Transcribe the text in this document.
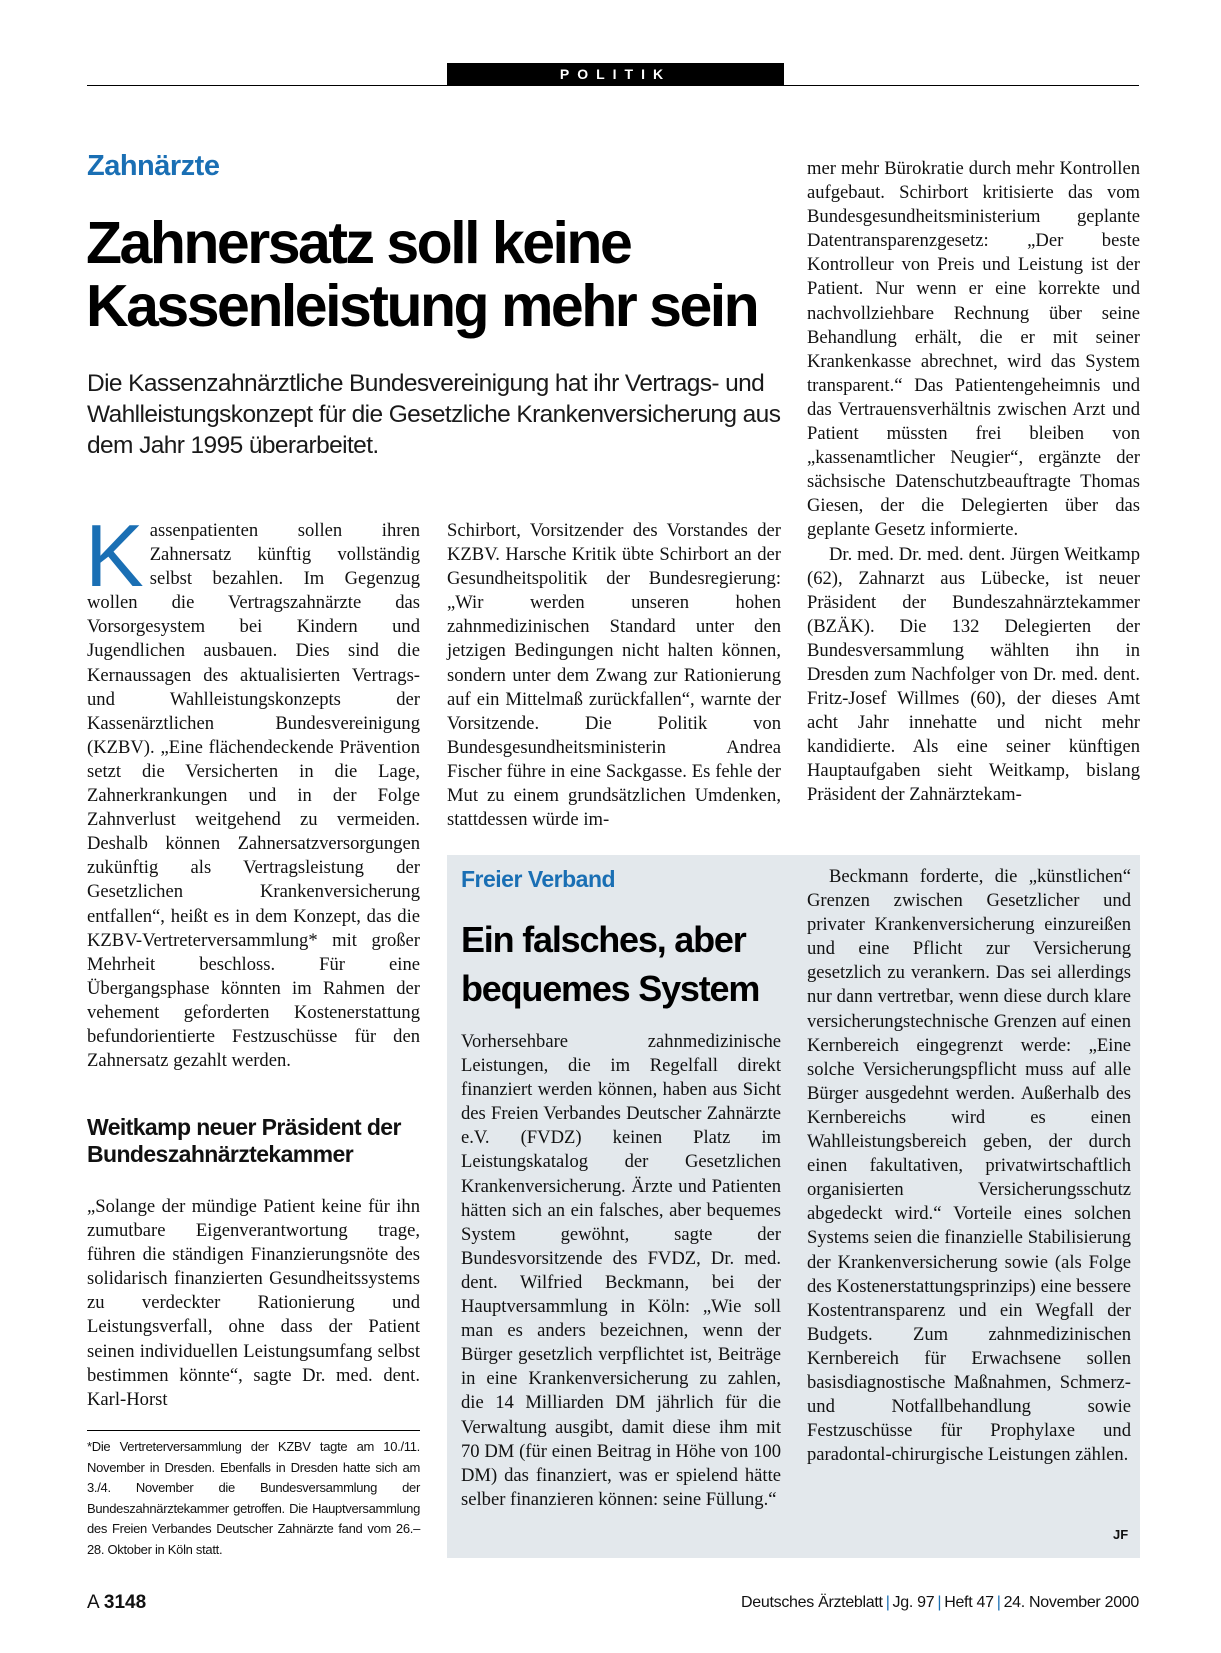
POLITIK
Zahnärzte
Zahnersatz soll keine
Kassenleistung mehr sein
Die Kassenzahnärztliche Bundesvereinigung hat ihr Vertrags- und Wahlleistungskonzept für die Gesetzliche Krankenversicherung aus dem Jahr 1995 überarbeitet.

Kassenpatienten sollen ihren Zahnersatz künftig vollständig selbst bezahlen. Im Gegenzug wollen die Vertragszahnärzte das Vorsorgesystem bei Kindern und Jugendlichen ausbauen. Dies sind die Kernaussagen des aktualisierten Vertrags- und Wahlleistungskonzepts der Kassenärztlichen Bundesvereinigung (KZBV). „Eine flächendeckende Prävention setzt die Versicherten in die Lage, Zahnerkrankungen und in der Folge Zahnverlust weitgehend zu vermeiden. Deshalb können Zahnersatzversorgungen zukünftig als Vertragsleistung der Gesetzlichen Krankenversicherung entfallen“, heißt es in dem Konzept, das die KZBV-Vertreterversammlung* mit großer Mehrheit beschloss. Für eine Übergangsphase könnten im Rahmen der vehement geforderten Kostenerstattung befundorientierte Festzuschüsse für den Zahnersatz gezahlt werden.

Weitkamp neuer Präsident der Bundeszahnärztekammer

„Solange der mündige Patient keine für ihn zumutbare Eigenverantwortung trage, führen die ständigen Finanzierungsnöte des solidarisch finanzierten Gesundheitssystems zu verdeckter Rationierung und Leistungsverfall, ohne dass der Patient seinen individuellen Leistungsumfang selbst bestimmen könnte“, sagte Dr. med. dent. Karl-Horst

*Die Vertreterversammlung der KZBV tagte am 10./11. November in Dresden. Ebenfalls in Dresden hatte sich am 3./4. November die Bundesversammlung der Bundeszahnärztekammer getroffen. Die Hauptversammlung des Freien Verbandes Deutscher Zahnärzte fand vom 26.–28. Oktober in Köln statt.

Schirbort, Vorsitzender des Vorstandes der KZBV. Harsche Kritik übte Schirbort an der Gesundheitspolitik der Bundesregierung: „Wir werden unseren hohen zahnmedizinischen Standard unter den jetzigen Bedingungen nicht halten können, sondern unter dem Zwang zur Rationierung auf ein Mittelmaß zurückfallen“, warnte der Vorsitzende. Die Politik von Bundesgesundheitsministerin Andrea Fischer führe in eine Sackgasse. Es fehle der Mut zu einem grundsätzlichen Umdenken, stattdessen würde im-

mer mehr Bürokratie durch mehr Kontrollen aufgebaut. Schirbort kritisierte das vom Bundesgesundheitsministerium geplante Datentransparenzgesetz: „Der beste Kontrolleur von Preis und Leistung ist der Patient. Nur wenn er eine korrekte und nachvollziehbare Rechnung über seine Behandlung erhält, die er mit seiner Krankenkasse abrechnet, wird das System transparent.“ Das Patientengeheimnis und das Vertrauensverhältnis zwischen Arzt und Patient müssten frei bleiben von „kassenamtlicher Neugier“, ergänzte der sächsische Datenschutzbeauftragte Thomas Giesen, der die Delegierten über das geplante Gesetz informierte.

Dr. med. Dr. med. dent. Jürgen Weitkamp (62), Zahnarzt aus Lübecke, ist neuer Präsident der Bundeszahnärztekammer (BZÄK). Die 132 Delegierten der Bundesversammlung wählten ihn in Dresden zum Nachfolger von Dr. med. dent. Fritz-Josef Willmes (60), der dieses Amt acht Jahr innehatte und nicht mehr kandidierte. Als eine seiner künftigen Hauptaufgaben sieht Weitkamp, bislang Präsident der Zahnärztekam-

Freier Verband
Ein falsches, aber
bequemes System

Vorhersehbare zahnmedizinische Leistungen, die im Regelfall direkt finanziert werden können, haben aus Sicht des Freien Verbandes Deutscher Zahnärzte e.V. (FVDZ) keinen Platz im Leistungskatalog der Gesetzlichen Krankenversicherung. Ärzte und Patienten hätten sich an ein falsches, aber bequemes System gewöhnt, sagte der Bundesvorsitzende des FVDZ, Dr. med. dent. Wilfried Beckmann, bei der Hauptversammlung in Köln: „Wie soll man es anders bezeichnen, wenn der Bürger gesetzlich verpflichtet ist, Beiträge in eine Krankenversicherung zu zahlen, die 14 Milliarden DM jährlich für die Verwaltung ausgibt, damit diese ihm mit 70 DM (für einen Beitrag in Höhe von 100 DM) das finanziert, was er spielend hätte selber finanzieren können: seine Füllung.“

Beckmann forderte, die „künstlichen“ Grenzen zwischen Gesetzlicher und privater Krankenversicherung einzureißen und eine Pflicht zur Versicherung gesetzlich zu verankern. Das sei allerdings nur dann vertretbar, wenn diese durch klare versicherungstechnische Grenzen auf einen Kernbereich eingegrenzt werde: „Eine solche Versicherungspflicht muss auf alle Bürger ausgedehnt werden. Außerhalb des Kernbereichs wird es einen Wahlleistungsbereich geben, der durch einen fakultativen, privatwirtschaftlich organisierten Versicherungsschutz abgedeckt wird.“ Vorteile eines solchen Systems seien die finanzielle Stabilisierung der Krankenversicherung sowie (als Folge des Kostenerstattungsprinzips) eine bessere Kostentransparenz und ein Wegfall der Budgets. Zum zahnmedizinischen Kernbereich für Erwachsene sollen basisdiagnostische Maßnahmen, Schmerz- und Notfallbehandlung sowie Festzuschüsse für Prophylaxe und paradontal-chirurgische Leistungen zählen.

JF
A 3148	Deutsches Ärzteblatt | Jg. 97 | Heft 47 | 24. November 2000
